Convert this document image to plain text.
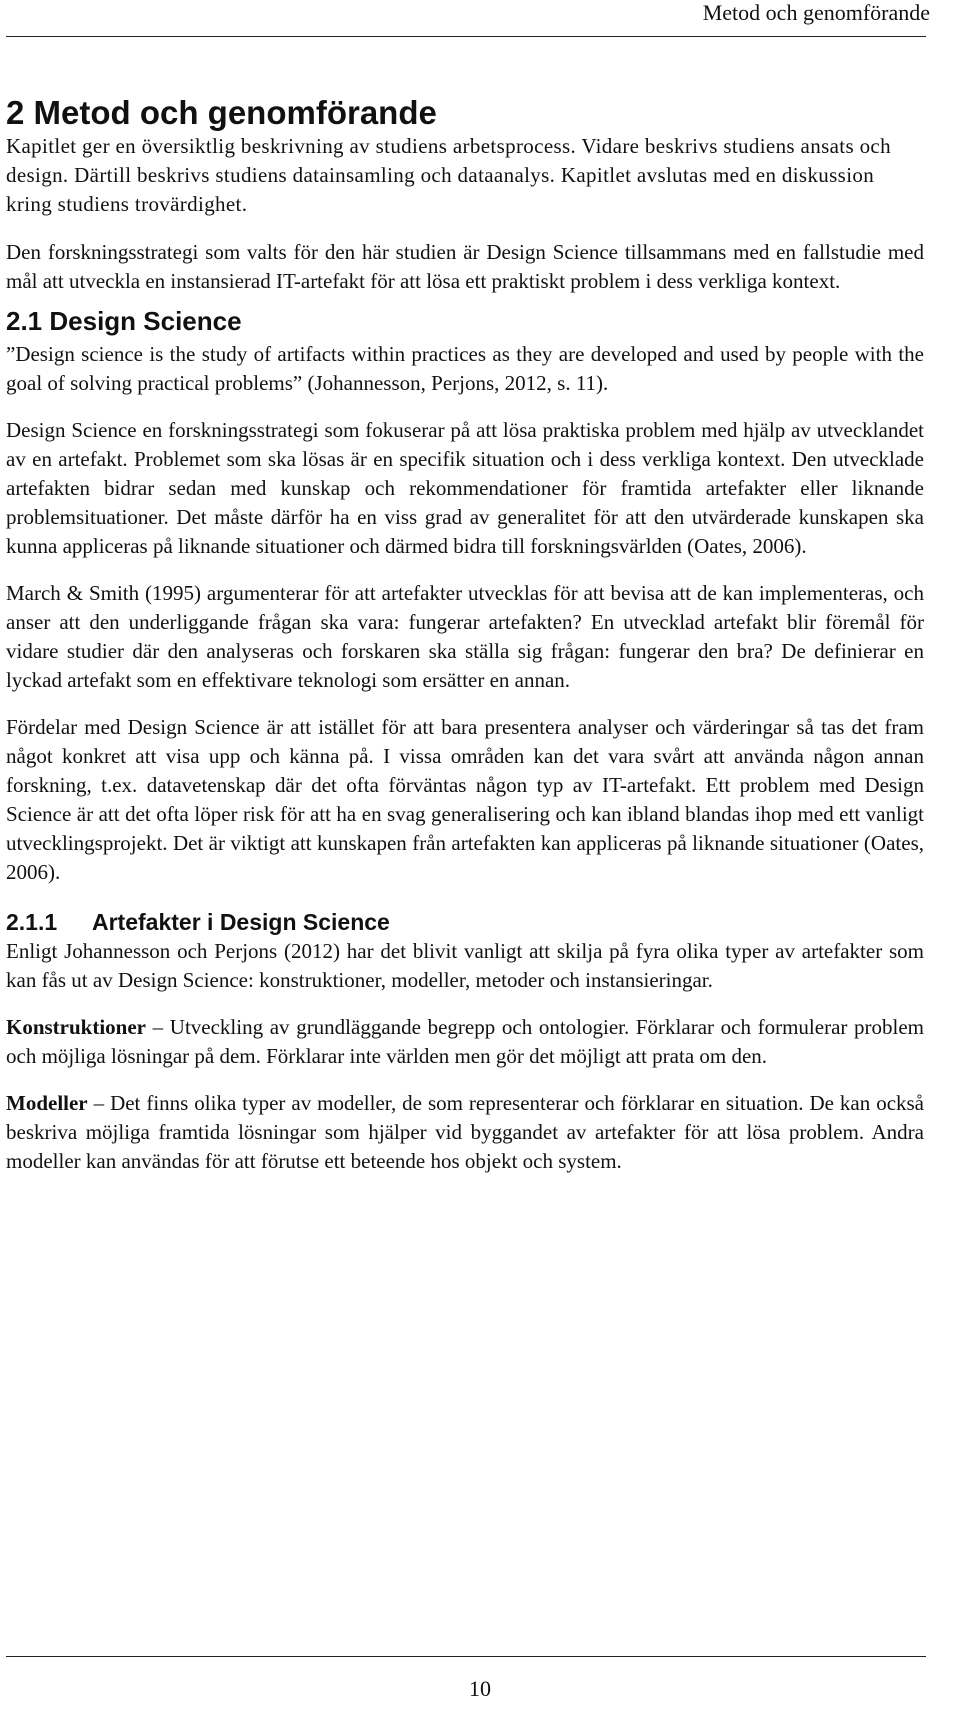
Metod och genomförande
2 Metod och genomförande

Kapitlet ger en översiktlig beskrivning av studiens arbetsprocess. Vidare beskrivs studiens ansats och design. Därtill beskrivs studiens datainsamling och dataanalys. Kapitlet avslutas med en diskussion kring studiens trovärdighet.

Den forskningsstrategi som valts för den här studien är Design Science tillsammans med en fallstudie med mål att utveckla en instansierad IT-artefakt för att lösa ett praktiskt problem i dess verkliga kontext.

2.1 Design Science

”Design science is the study of artifacts within practices as they are developed and used by people with the goal of solving practical problems” (Johannesson, Perjons, 2012, s. 11).

Design Science en forskningsstrategi som fokuserar på att lösa praktiska problem med hjälp av utvecklandet av en artefakt. Problemet som ska lösas är en specifik situation och i dess verkliga kontext. Den utvecklade artefakten bidrar sedan med kunskap och rekommendationer för framtida artefakter eller liknande problemsituationer. Det måste därför ha en viss grad av generalitet för att den utvärderade kunskapen ska kunna appliceras på liknande situationer och därmed bidra till forskningsvärlden (Oates, 2006).

March & Smith (1995) argumenterar för att artefakter utvecklas för att bevisa att de kan implementeras, och anser att den underliggande frågan ska vara: fungerar artefakten? En utvecklad artefakt blir föremål för vidare studier där den analyseras och forskaren ska ställa sig frågan: fungerar den bra? De definierar en lyckad artefakt som en effektivare teknologi som ersätter en annan.

Fördelar med Design Science är att istället för att bara presentera analyser och värderingar så tas det fram något konkret att visa upp och känna på. I vissa områden kan det vara svårt att använda någon annan forskning, t.ex. datavetenskap där det ofta förväntas någon typ av IT-artefakt. Ett problem med Design Science är att det ofta löper risk för att ha en svag generalisering och kan ibland blandas ihop med ett vanligt utvecklingsprojekt. Det är viktigt att kunskapen från artefakten kan appliceras på liknande situationer (Oates, 2006).

2.1.1 Artefakter i Design Science

Enligt Johannesson och Perjons (2012) har det blivit vanligt att skilja på fyra olika typer av artefakter som kan fås ut av Design Science: konstruktioner, modeller, metoder och instansieringar.

Konstruktioner – Utveckling av grundläggande begrepp och ontologier. Förklarar och formulerar problem och möjliga lösningar på dem. Förklarar inte världen men gör det möjligt att prata om den.

Modeller – Det finns olika typer av modeller, de som representerar och förklarar en situation. De kan också beskriva möjliga framtida lösningar som hjälper vid byggandet av artefakter för att lösa problem. Andra modeller kan användas för att förutse ett beteende hos objekt och system.

10
